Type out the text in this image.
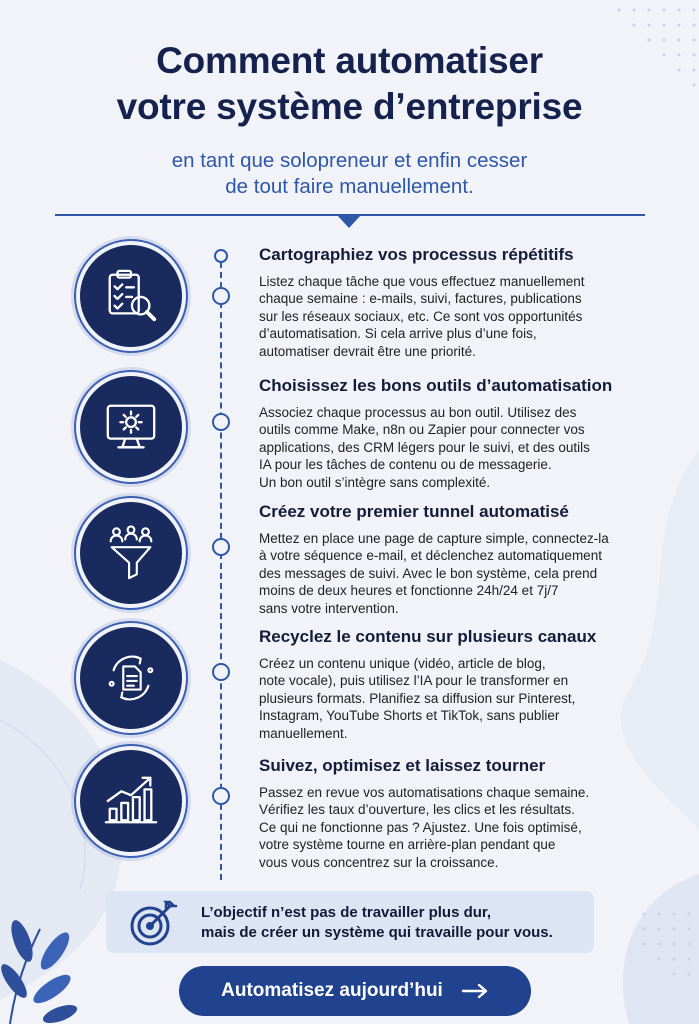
Comment automatiser
votre système d’entreprise
en tant que solopreneur et enfin cesser
de tout faire manuellement.
Cartographiez vos processus répétitifs
Listez chaque tâche que vous effectuez manuellement
chaque semaine : e-mails, suivi, factures, publications
sur les réseaux sociaux, etc. Ce sont vos opportunités
d’automatisation. Si cela arrive plus d’une fois,
automatiser devrait être une priorité.
Choisissez les bons outils d’automatisation
Associez chaque processus au bon outil. Utilisez des
outils comme Make, n8n ou Zapier pour connecter vos
applications, des CRM légers pour le suivi, et des outils
IA pour les tâches de contenu ou de messagerie.
Un bon outil s’intègre sans complexité.
Créez votre premier tunnel automatisé
Mettez en place une page de capture simple, connectez-la
à votre séquence e-mail, et déclenchez automatiquement
des messages de suivi. Avec le bon système, cela prend
moins de deux heures et fonctionne 24h/24 et 7j/7
sans votre intervention.
Recyclez le contenu sur plusieurs canaux
Créez un contenu unique (vidéo, article de blog,
note vocale), puis utilisez l’IA pour le transformer en
plusieurs formats. Planifiez sa diffusion sur Pinterest,
Instagram, YouTube Shorts et TikTok, sans publier
manuellement.
Suivez, optimisez et laissez tourner
Passez en revue vos automatisations chaque semaine.
Vérifiez les taux d’ouverture, les clics et les résultats.
Ce qui ne fonctionne pas ? Ajustez. Une fois optimisé,
votre système tourne en arrière-plan pendant que
vous vous concentrez sur la croissance.
L’objectif n’est pas de travailler plus dur,
mais de créer un système qui travaille pour vous.
Automatisez aujourd’hui
